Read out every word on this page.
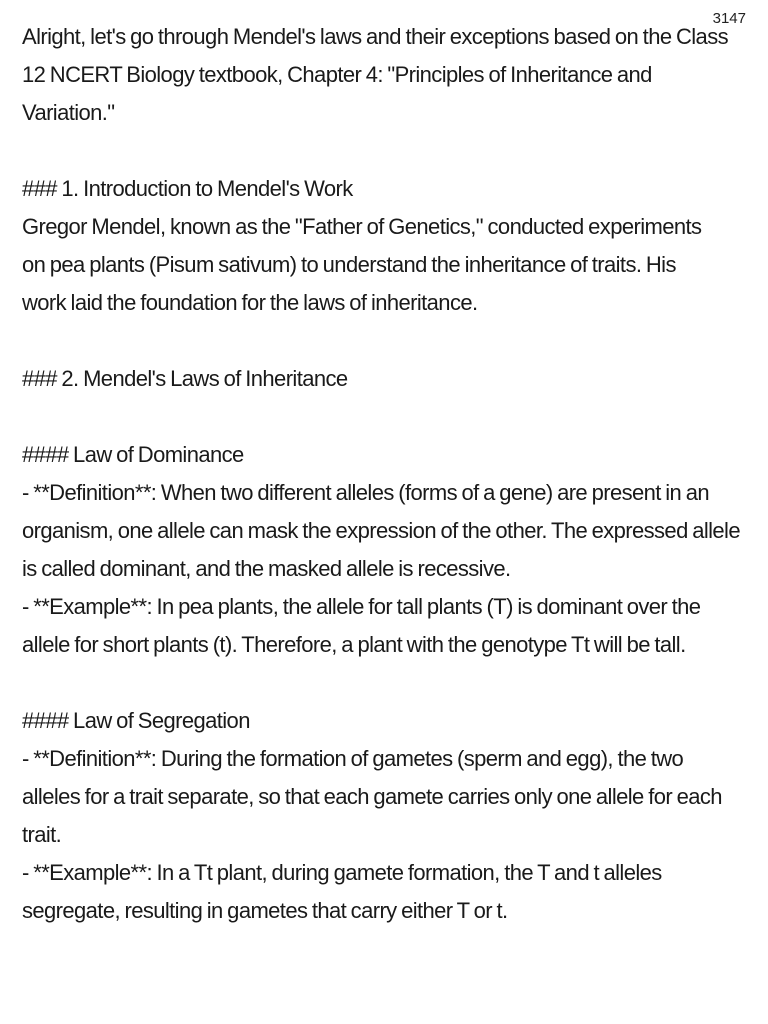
3147

Alright, let's go through Mendel's laws and their exceptions based on the Class 12 NCERT Biology textbook, Chapter 4: "Principles of Inheritance and Variation."

### 1. Introduction to Mendel's Work

Gregor Mendel, known as the "Father of Genetics," conducted experiments on pea plants (Pisum sativum) to understand the inheritance of traits. His work laid the foundation for the laws of inheritance.

### 2. Mendel's Laws of Inheritance

#### Law of Dominance

- **Definition**: When two different alleles (forms of a gene) are present in an organism, one allele can mask the expression of the other. The expressed allele is called dominant, and the masked allele is recessive.

- **Example**: In pea plants, the allele for tall plants (T) is dominant over the allele for short plants (t). Therefore, a plant with the genotype Tt will be tall.

#### Law of Segregation

- **Definition**: During the formation of gametes (sperm and egg), the two alleles for a trait separate, so that each gamete carries only one allele for each trait.

- **Example**: In a Tt plant, during gamete formation, the T and t alleles segregate, resulting in gametes that carry either T or t.
